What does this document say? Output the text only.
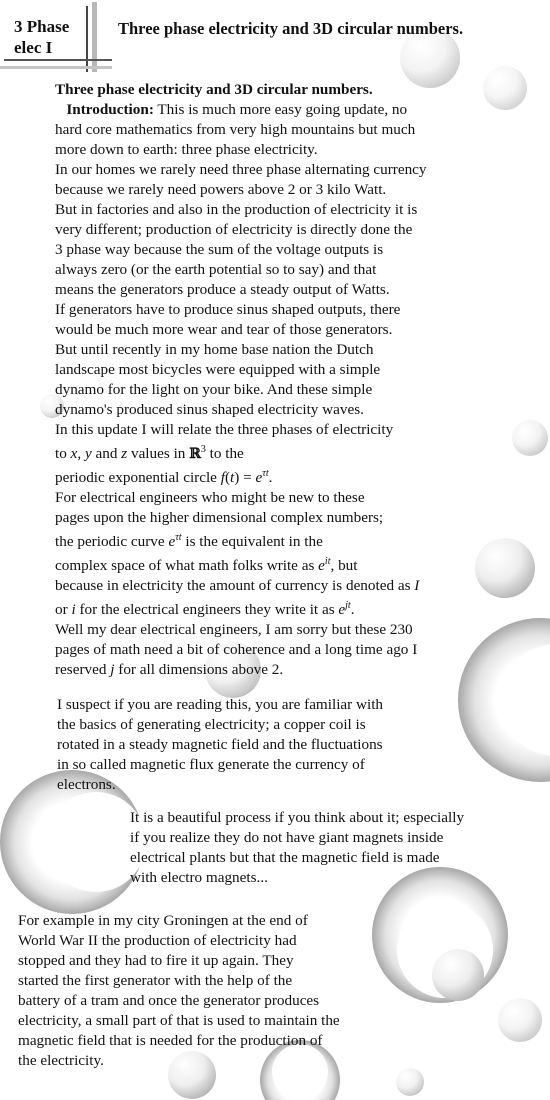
3 Phase
elec I
Three phase electricity and 3D circular numbers.
Three phase electricity and 3D circular numbers.
Introduction: This is much more easy going update, no
hard core mathematics from very high mountains but much
more down to earth: three phase electricity.
In our homes we rarely need three phase alternating currency
because we rarely need powers above 2 or 3 kilo Watt.
But in factories and also in the production of electricity it is
very different; production of electricity is directly done the
3 phase way because the sum of the voltage outputs is
always zero (or the earth potential so to say) and that
means the generators produce a steady output of Watts.
If generators have to produce sinus shaped outputs, there
would be much more wear and tear of those generators.
But until recently in my home base nation the Dutch
landscape most bicycles were equipped with a simple
dynamo for the light on your bike. And these simple
dynamo's produced sinus shaped electricity waves.
In this update I will relate the three phases of electricity
to x, y and z values in ℝ$^3$ to the
periodic exponential circle $f(t) = e^{\tau t}$.
For electrical engineers who might be new to these
pages upon the higher dimensional complex numbers;
the periodic curve $e^{\tau t}$ is the equivalent in the
complex space of what math folks write as $e^{it}$, but
because in electricity the amount of currency is denoted as I
or i for the electrical engineers they write it as $e^{jt}$.
Well my dear electrical engineers, I am sorry but these 230
pages of math need a bit of coherence and a long time ago I
reserved j for all dimensions above 2.
I suspect if you are reading this, you are familiar with
the basics of generating electricity; a copper coil is
rotated in a steady magnetic field and the fluctuations
in so called magnetic flux generate the currency of
electrons.
It is a beautiful process if you think about it; especially
if you realize they do not have giant magnets inside
electrical plants but that the magnetic field is made
with electro magnets...
For example in my city Groningen at the end of
World War II the production of electricity had
stopped and they had to fire it up again. They
started the first generator with the help of the
battery of a tram and once the generator produces
electricity, a small part of that is used to maintain the
magnetic field that is needed for the production of
the electricity.
